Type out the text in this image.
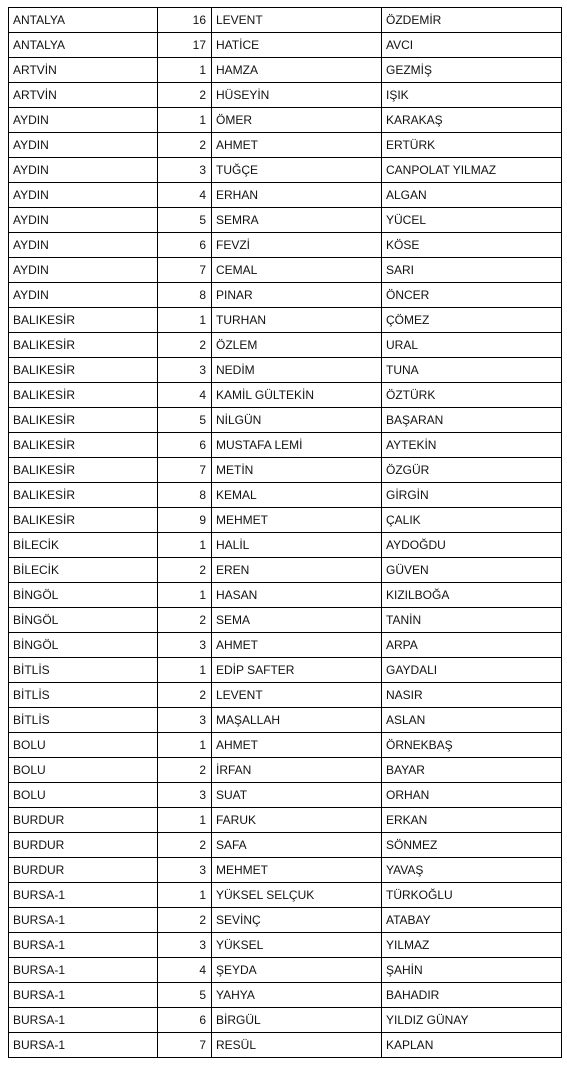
ANTALYA	16	LEVENT	ÖZDEMİR
ANTALYA	17	HATİCE	AVCI
ARTVİN	1	HAMZA	GEZMİŞ
ARTVİN	2	HÜSEYİN	IŞIK
AYDIN	1	ÖMER	KARAKAŞ
AYDIN	2	AHMET	ERTÜRK
AYDIN	3	TUĞÇE	CANPOLAT YILMAZ
AYDIN	4	ERHAN	ALGAN
AYDIN	5	SEMRA	YÜCEL
AYDIN	6	FEVZİ	KÖSE
AYDIN	7	CEMAL	SARI
AYDIN	8	PINAR	ÖNCER
BALIKESİR	1	TURHAN	ÇÖMEZ
BALIKESİR	2	ÖZLEM	URAL
BALIKESİR	3	NEDİM	TUNA
BALIKESİR	4	KAMİL GÜLTEKİN	ÖZTÜRK
BALIKESİR	5	NİLGÜN	BAŞARAN
BALIKESİR	6	MUSTAFA LEMİ	AYTEKİN
BALIKESİR	7	METİN	ÖZGÜR
BALIKESİR	8	KEMAL	GİRGİN
BALIKESİR	9	MEHMET	ÇALIK
BİLECİK	1	HALİL	AYDOĞDU
BİLECİK	2	EREN	GÜVEN
BİNGÖL	1	HASAN	KIZILBOĞA
BİNGÖL	2	SEMA	TANİN
BİNGÖL	3	AHMET	ARPA
BİTLİS	1	EDİP SAFTER	GAYDALI
BİTLİS	2	LEVENT	NASIR
BİTLİS	3	MAŞALLAH	ASLAN
BOLU	1	AHMET	ÖRNEKBAŞ
BOLU	2	İRFAN	BAYAR
BOLU	3	SUAT	ORHAN
BURDUR	1	FARUK	ERKAN
BURDUR	2	SAFA	SÖNMEZ
BURDUR	3	MEHMET	YAVAŞ
BURSA-1	1	YÜKSEL SELÇUK	TÜRKOĞLU
BURSA-1	2	SEVİNÇ	ATABAY
BURSA-1	3	YÜKSEL	YILMAZ
BURSA-1	4	ŞEYDA	ŞAHİN
BURSA-1	5	YAHYA	BAHADIR
BURSA-1	6	BİRGÜL	YILDIZ GÜNAY
BURSA-1	7	RESÜL	KAPLAN
